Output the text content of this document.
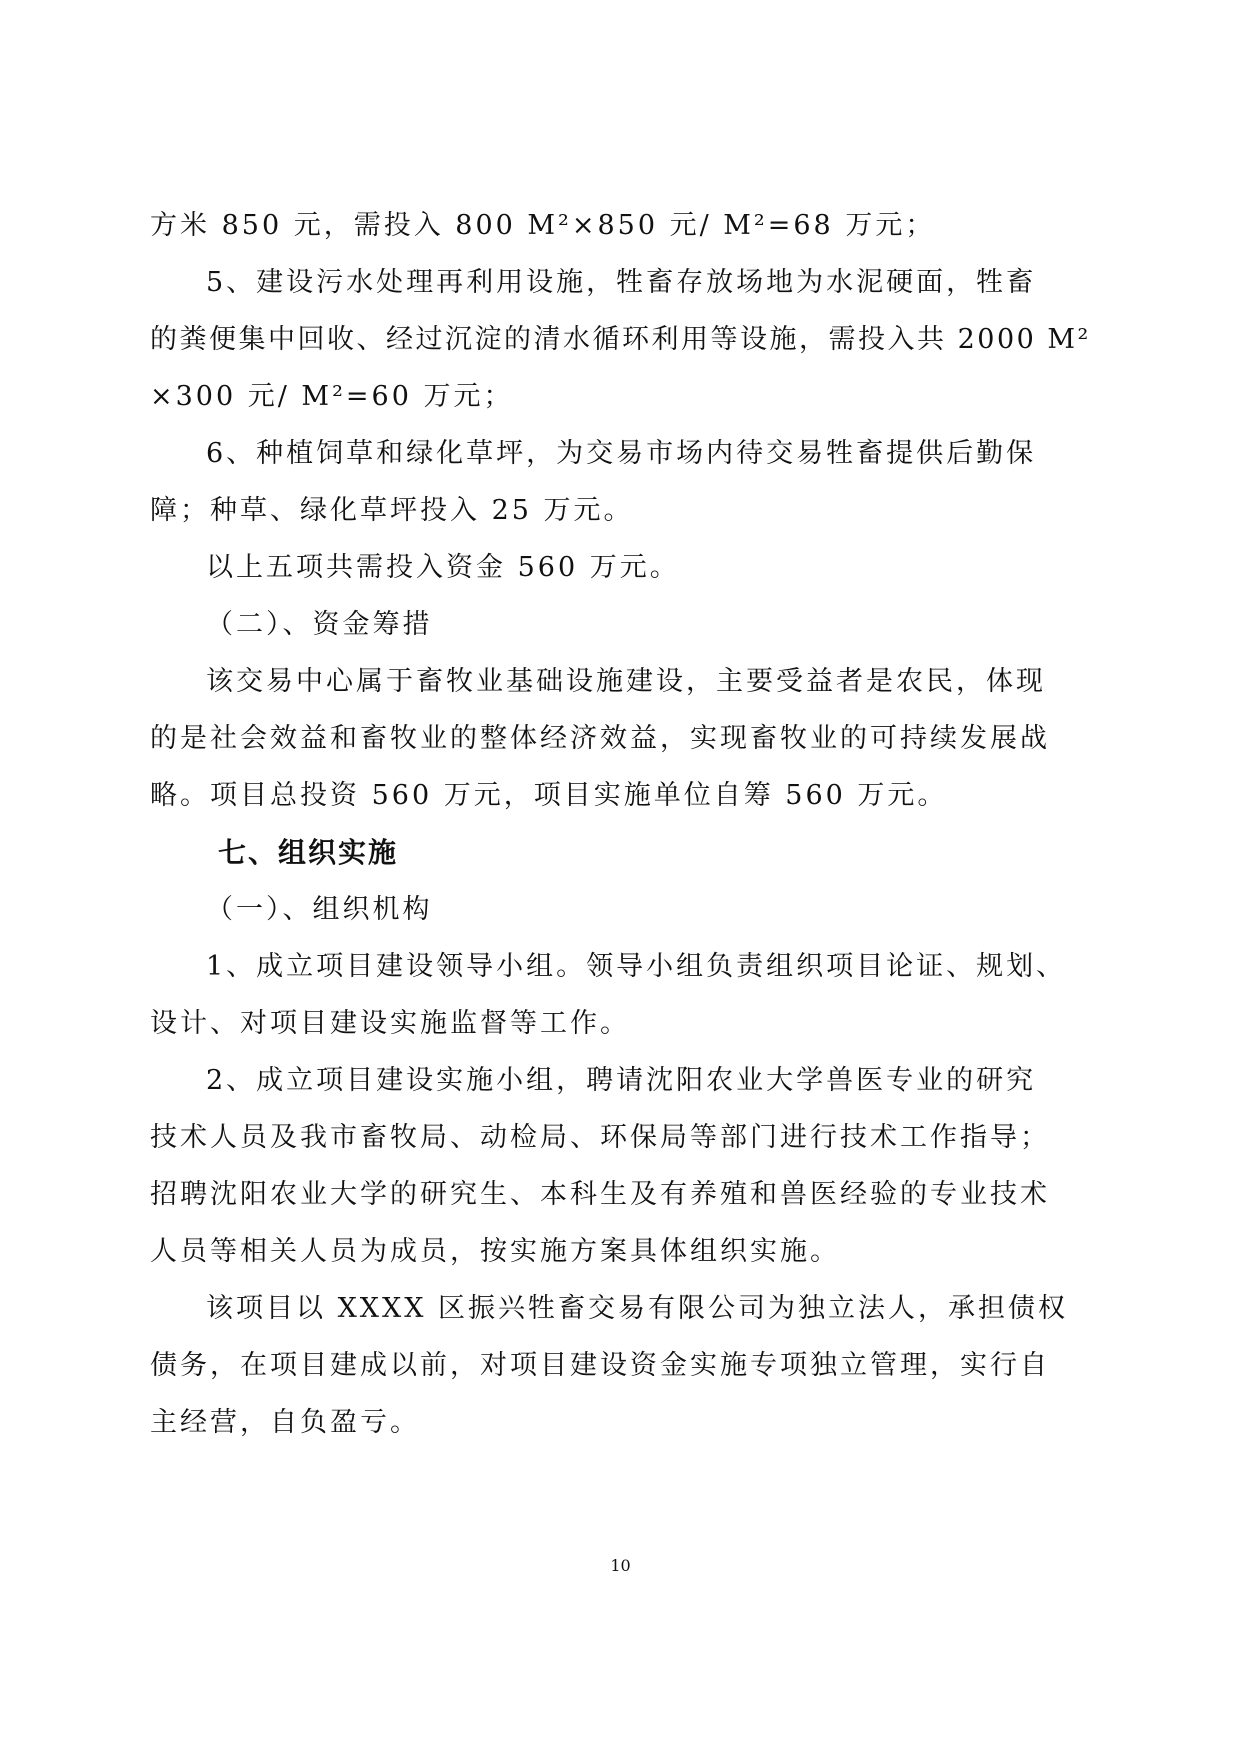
方米 850 元，需投入 800 M²×850 元/ M²=68 万元；
5、建设污水处理再利用设施，牲畜存放场地为水泥硬面，牲畜
的粪便集中回收、经过沉淀的清水循环利用等设施，需投入共 2000 M²
×300 元/ M²=60 万元；
6、种植饲草和绿化草坪，为交易市场内待交易牲畜提供后勤保
障；种草、绿化草坪投入 25 万元。
以上五项共需投入资金 560 万元。
（二）、资金筹措
该交易中心属于畜牧业基础设施建设，主要受益者是农民，体现
的是社会效益和畜牧业的整体经济效益，实现畜牧业的可持续发展战
略。项目总投资 560 万元，项目实施单位自筹 560 万元。
七、组织实施
（一）、组织机构
1、成立项目建设领导小组。领导小组负责组织项目论证、规划、
设计、对项目建设实施监督等工作。
2、成立项目建设实施小组，聘请沈阳农业大学兽医专业的研究
技术人员及我市畜牧局、动检局、环保局等部门进行技术工作指导；
招聘沈阳农业大学的研究生、本科生及有养殖和兽医经验的专业技术
人员等相关人员为成员，按实施方案具体组织实施。
该项目以 XXXX 区振兴牲畜交易有限公司为独立法人，承担债权
债务，在项目建成以前，对项目建设资金实施专项独立管理，实行自
主经营，自负盈亏。
10
